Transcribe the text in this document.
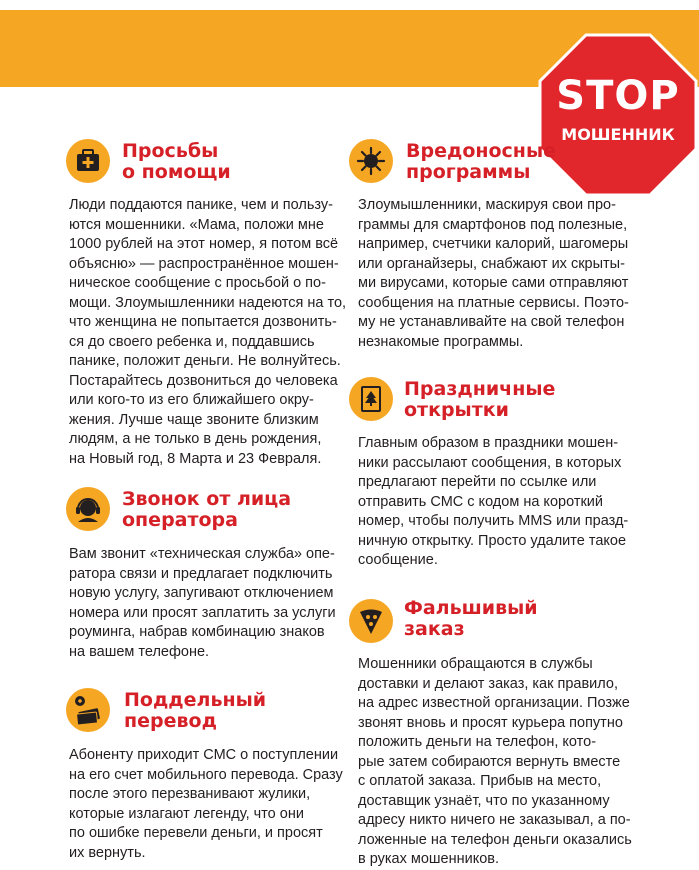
STOP
МОШЕННИК
Просьбы
о помощи
Люди поддаются панике, чем и пользу-
ются мошенники. «Мама, положи мне
1000 рублей на этот номер, я потом всё
объясню» — распространённое мошен-
ническое сообщение с просьбой о по-
мощи. Злоумышленники надеются на то,
что женщина не попытается дозвонить-
ся до своего ребенка и, поддавшись
панике, положит деньги. Не волнуйтесь.
Постарайтесь дозвониться до человека
или кого-то из его ближайшего окру-
жения. Лучше чаще звоните близким
людям, а не только в день рождения,
на Новый год, 8 Марта и 23 Февраля.
Звонок от лица
оператора
Вам звонит «техническая служба» опе-
ратора связи и предлагает подключить
новую услугу, запугивают отключением
номера или просят заплатить за услуги
роуминга, набрав комбинацию знаков
на вашем телефоне.
Поддельный
перевод
Абоненту приходит СМС о поступлении
на его счет мобильного перевода. Сразу
после этого перезванивают жулики,
которые излагают легенду, что они
по ошибке перевели деньги, и просят
их вернуть.
Вредоносные
программы
Злоумышленники, маскируя свои про-
граммы для смартфонов под полезные,
например, счетчики калорий, шагомеры
или органайзеры, снабжают их скрыты-
ми вирусами, которые сами отправляют
сообщения на платные сервисы. Поэто-
му не устанавливайте на свой телефон
незнакомые программы.
Праздничные
открытки
Главным образом в праздники мошен-
ники рассылают сообщения, в которых
предлагают перейти по ссылке или
отправить СМС с кодом на короткий
номер, чтобы получить MMS или празд-
ничную открытку. Просто удалите такое
сообщение.
Фальшивый
заказ
Мошенники обращаются в службы
доставки и делают заказ, как правило,
на адрес известной организации. Позже
звонят вновь и просят курьера попутно
положить деньги на телефон, кото-
рые затем собираются вернуть вместе
с оплатой заказа. Прибыв на место,
доставщик узнаёт, что по указанному
адресу никто ничего не заказывал, а по-
ложенные на телефон деньги оказались
в руках мошенников.
